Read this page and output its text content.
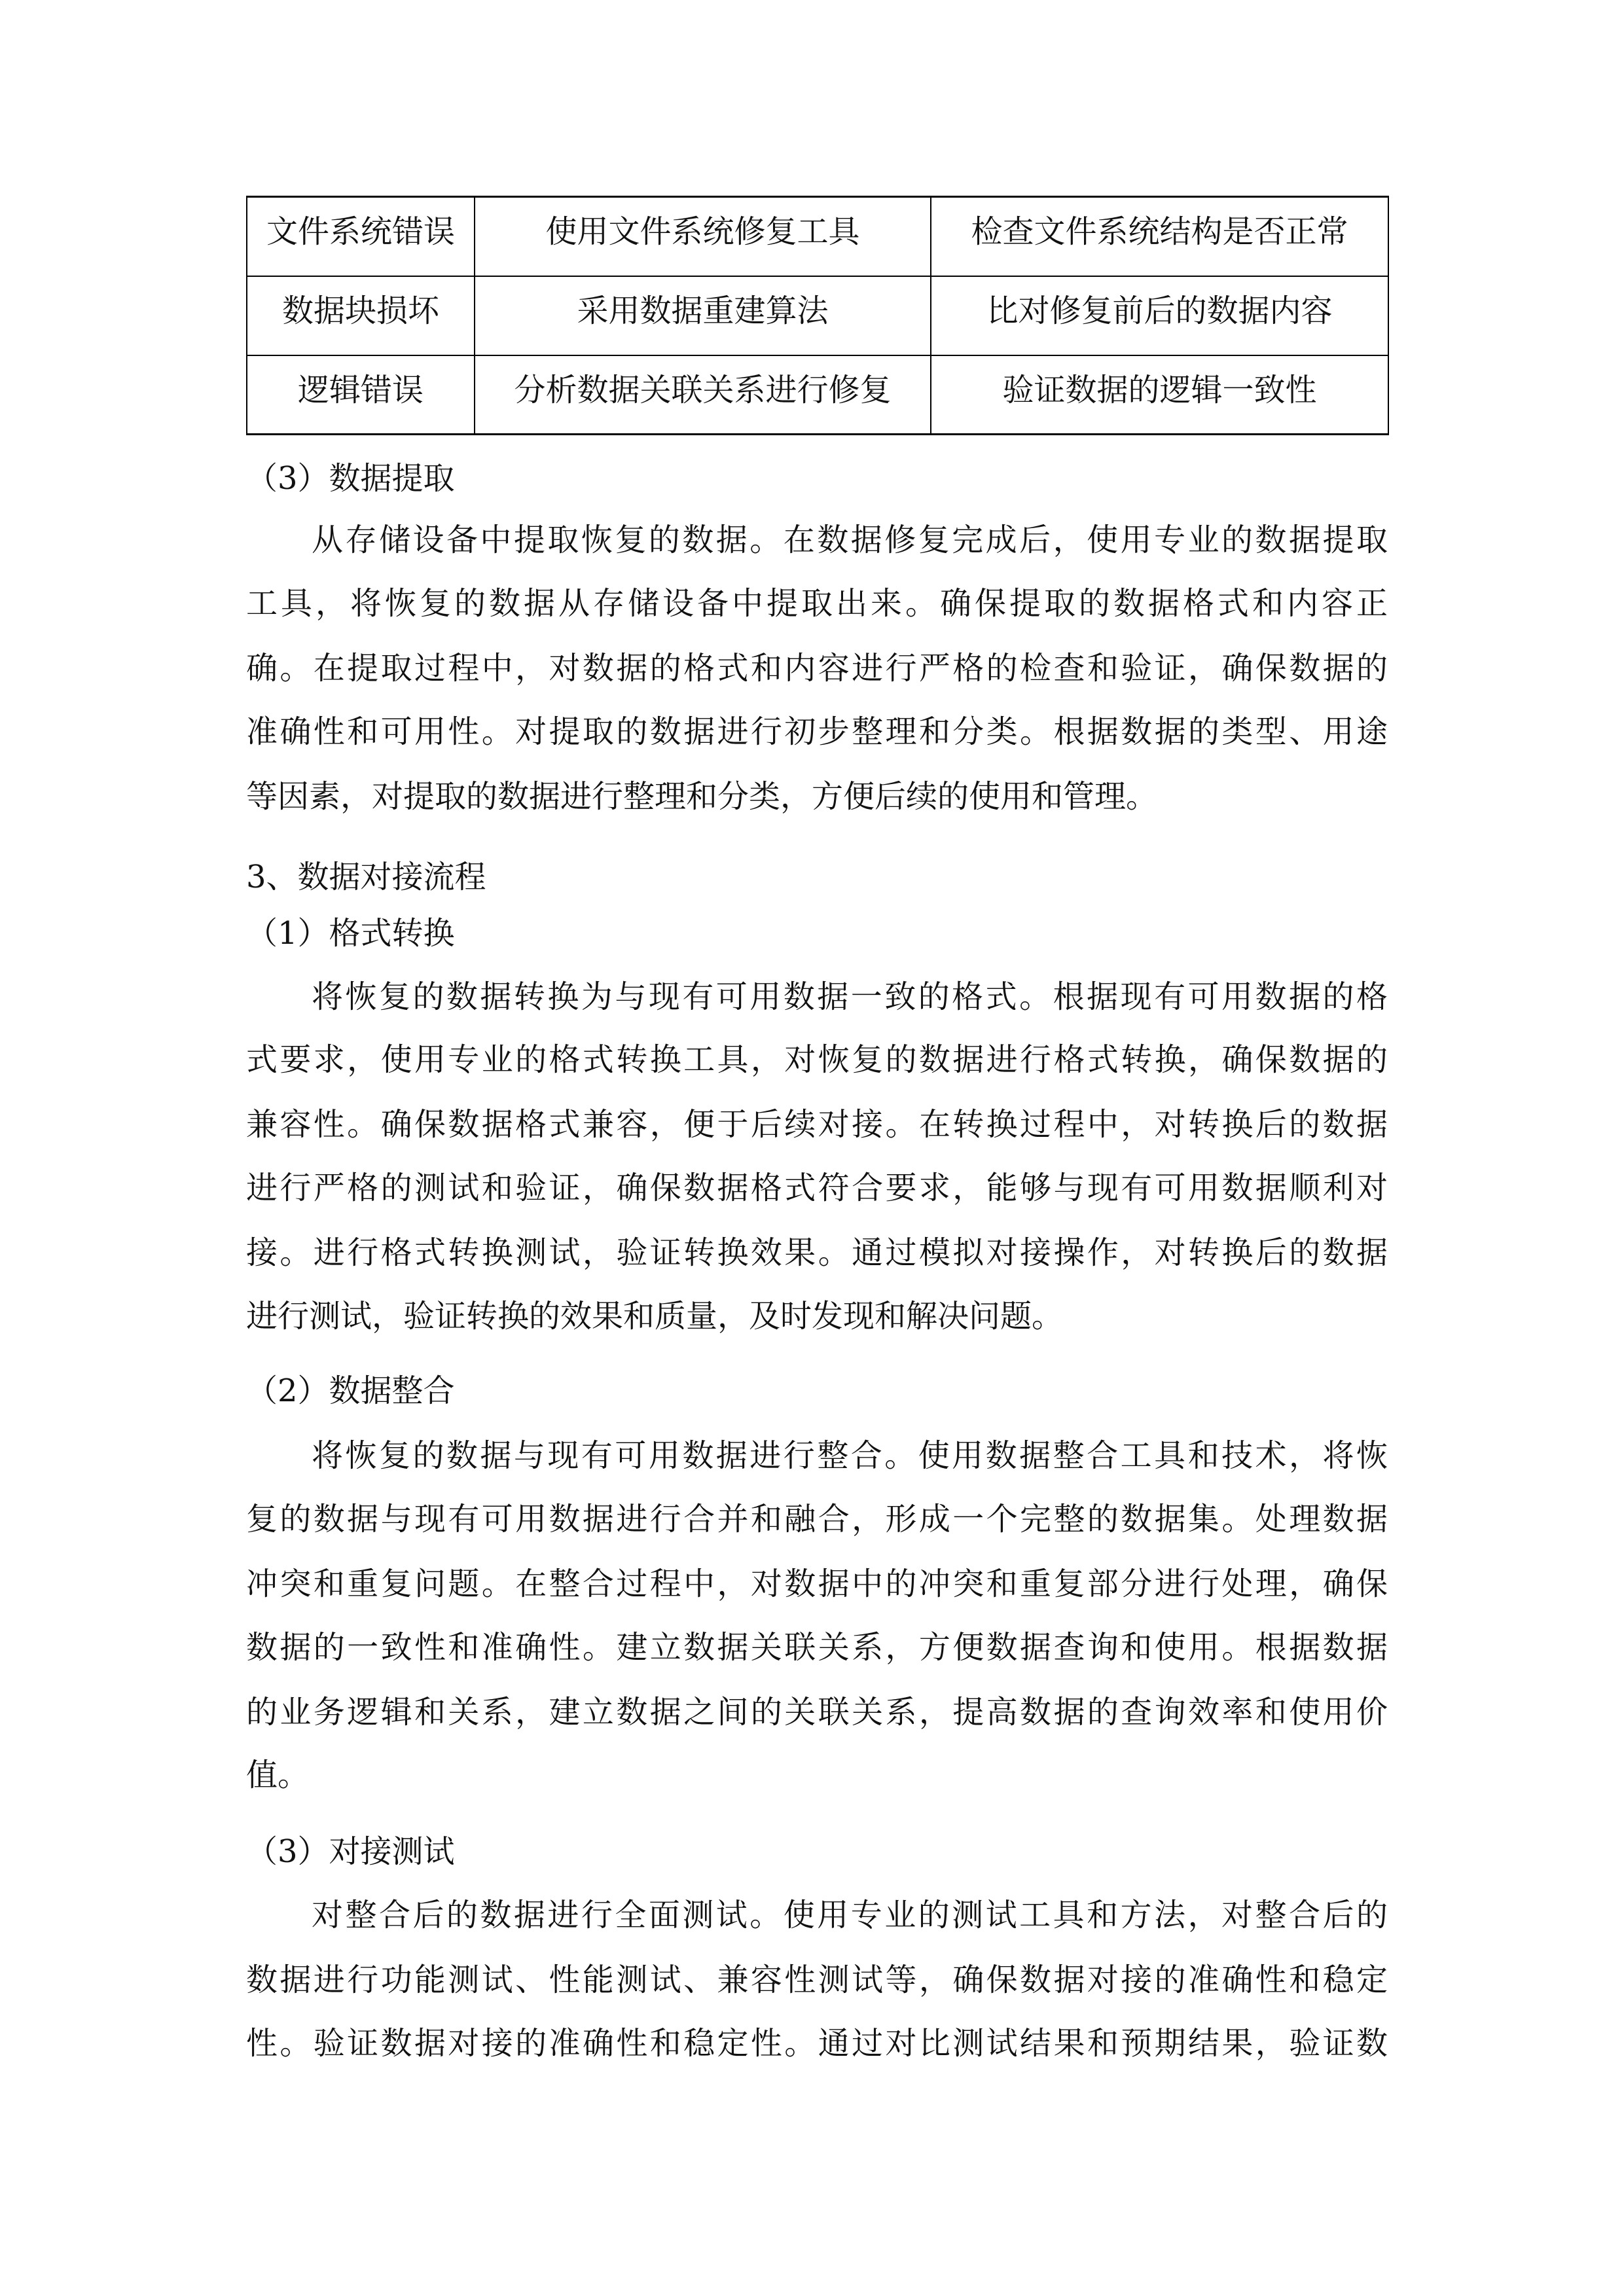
文件系统错误	使用文件系统修复工具	检查文件系统结构是否正常
数据块损坏	采用数据重建算法	比对修复前后的数据内容
逻辑错误	分析数据关联关系进行修复	验证数据的逻辑一致性
（3）数据提取
从存储设备中提取恢复的数据。在数据修复完成后，使用专业的数据提取
工具，将恢复的数据从存储设备中提取出来。确保提取的数据格式和内容正
确。在提取过程中，对数据的格式和内容进行严格的检查和验证，确保数据的
准确性和可用性。对提取的数据进行初步整理和分类。根据数据的类型、用途
等因素，对提取的数据进行整理和分类，方便后续的使用和管理。
3、数据对接流程
（1）格式转换
将恢复的数据转换为与现有可用数据一致的格式。根据现有可用数据的格
式要求，使用专业的格式转换工具，对恢复的数据进行格式转换，确保数据的
兼容性。确保数据格式兼容，便于后续对接。在转换过程中，对转换后的数据
进行严格的测试和验证，确保数据格式符合要求，能够与现有可用数据顺利对
接。进行格式转换测试，验证转换效果。通过模拟对接操作，对转换后的数据
进行测试，验证转换的效果和质量，及时发现和解决问题。
（2）数据整合
将恢复的数据与现有可用数据进行整合。使用数据整合工具和技术，将恢
复的数据与现有可用数据进行合并和融合，形成一个完整的数据集。处理数据
冲突和重复问题。在整合过程中，对数据中的冲突和重复部分进行处理，确保
数据的一致性和准确性。建立数据关联关系，方便数据查询和使用。根据数据
的业务逻辑和关系，建立数据之间的关联关系，提高数据的查询效率和使用价
值。
（3）对接测试
对整合后的数据进行全面测试。使用专业的测试工具和方法，对整合后的
数据进行功能测试、性能测试、兼容性测试等，确保数据对接的准确性和稳定
性。验证数据对接的准确性和稳定性。通过对比测试结果和预期结果，验证数
